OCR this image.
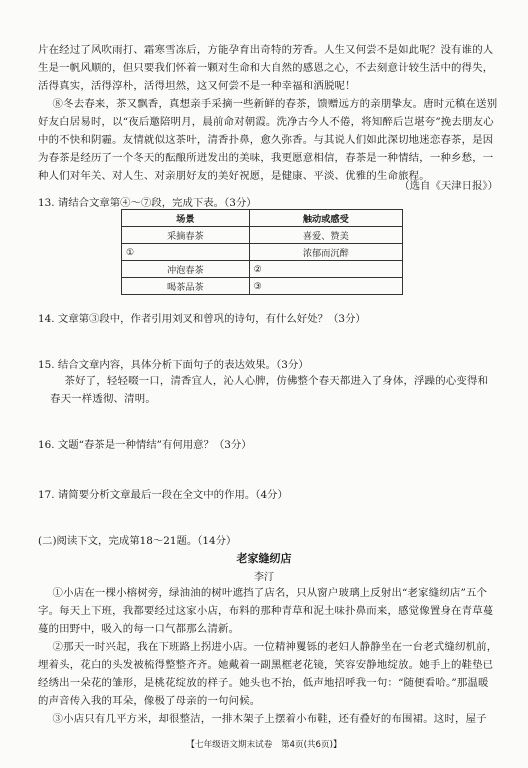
片在经过了风吹雨打、霜寒雪冻后，方能孕育出奇特的芳香。人生又何尝不是如此呢？没有谁的人生是一帆风顺的，但只要我们怀着一颗对生命和大自然的感恩之心，不去刻意计较生活中的得失，活得真实，活得淳朴，活得坦然，这又何尝不是一种幸福和洒脱呢！
⑧冬去春来，茶又飘香，真想亲手采摘一些新鲜的春茶，馈赠远方的亲朋挚友。唐时元稹在送别好友白居易时，以“夜后邀陪明月，晨前命对朝霞。洗净古今人不倦，将知醉后岂堪夸”挽去朋友心中的不快和阴霾。友情就似这茶叶，清香扑鼻，愈久弥香。与其说人们如此深切地迷恋春茶，是因为春茶是经历了一个冬天的酝酿所迸发出的美味，我更愿意相信，春茶是一种情结，一种乡愁，一种人们对年关、对人生、对亲朋好友的美好祝愿，是健康、平淡、优雅的生命旅程。
（选自《天津日报》）
13. 请结合文章第④～⑦段，完成下表。（3分）
场景	触动或感受
采摘春茶	喜爱、赞美
①	浓郁而沉醉
冲泡春茶	②
喝茶品茶	③
14. 文章第③段中，作者引用刘叉和曾巩的诗句，有什么好处？（3分）
15. 结合文章内容，具体分析下面句子的表达效果。（3分）
茶好了，轻轻啜一口，清香宜人，沁人心脾，仿佛整个春天都进入了身体，浮躁的心变得和春天一样透彻、清明。
16. 文题“春茶是一种情结”有何用意？（3分）
17. 请简要分析文章最后一段在全文中的作用。（4分）
(二)阅读下文，完成第18～21题。（14分）
老家缝纫店
李汀
①小店在一棵小榕树旁，绿油油的树叶遮挡了店名，只从窗户玻璃上反射出“老家缝纫店”五个字。每天上下班，我都要经过这家小店，布料的那种青草和泥土味扑鼻而来，感觉像置身在青草蔓蔓的田野中，吸入的每一口气都那么清新。
②那天一时兴起，我在下班路上拐进小店。一位精神矍铄的老妇人静静坐在一台老式缝纫机前，埋着头，花白的头发被梳得整整齐齐。她戴着一副黑框老花镜，笑容安静地绽放。她手上的鞋垫已经绣出一朵花的雏形，是桃花绽放的样子。她头也不抬，低声地招呼我一句：“随便看哈。”那温暖的声音传入我的耳朵，像极了母亲的一句问候。
③小店只有几平方米，却很整洁，一排木架子上摆着小布鞋，还有叠好的布围裙。这时，屋子
【七年级语文期末试卷　第4页(共6页)】
